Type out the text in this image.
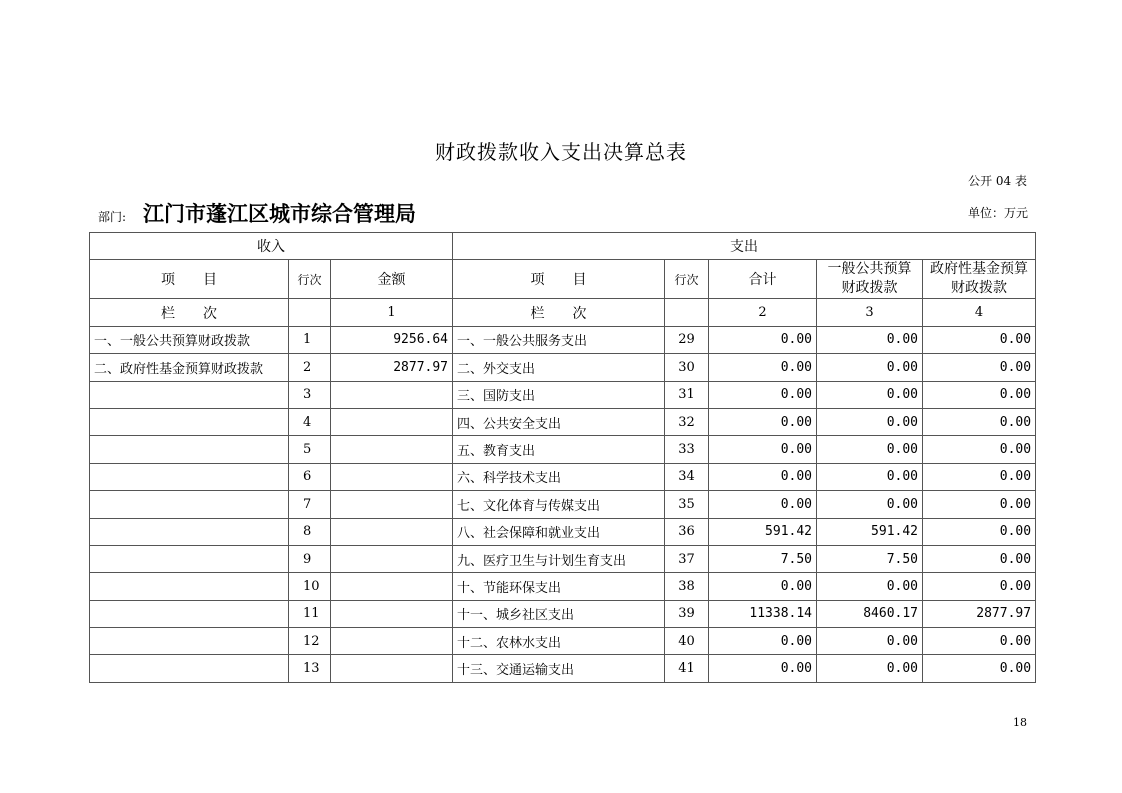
财政拨款收入支出决算总表
公开 04 表
部门: 江门市蓬江区城市综合管理局	单位：万元
收入			支出				
项　　目	行次	金额	项　　目	行次	合计	一般公共预算财政拨款	政府性基金预算财政拨款
栏　　次		1	栏　　次		2	3	4
一、一般公共预算财政拨款	1	9256.64	一、一般公共服务支出	29	0.00	0.00	0.00
二、政府性基金预算财政拨款	2	2877.97	二、外交支出	30	0.00	0.00	0.00
	3		三、国防支出	31	0.00	0.00	0.00
	4		四、公共安全支出	32	0.00	0.00	0.00
	5		五、教育支出	33	0.00	0.00	0.00
	6		六、科学技术支出	34	0.00	0.00	0.00
	7		七、文化体育与传媒支出	35	0.00	0.00	0.00
	8		八、社会保障和就业支出	36	591.42	591.42	0.00
	9		九、医疗卫生与计划生育支出	37	7.50	7.50	0.00
	10		十、节能环保支出	38	0.00	0.00	0.00
	11		十一、城乡社区支出	39	11338.14	8460.17	2877.97
	12		十二、农林水支出	40	0.00	0.00	0.00
	13		十三、交通运输支出	41	0.00	0.00	0.00
18
